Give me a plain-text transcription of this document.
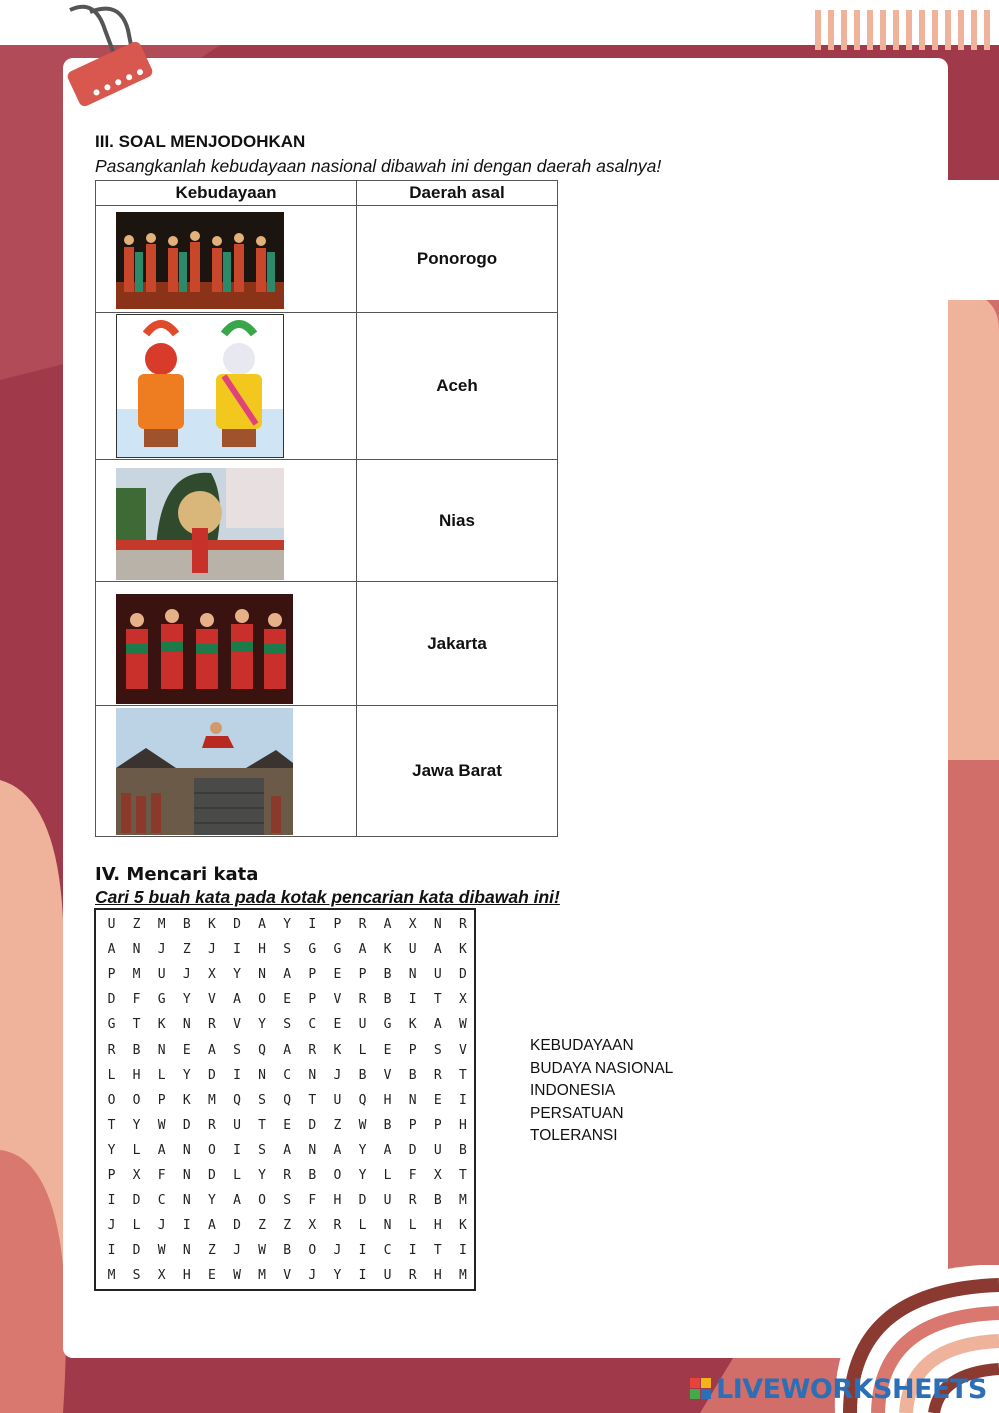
III. SOAL MENJODOHKAN
Pasangkanlah kebudayaan nasional dibawah ini dengan daerah asalnya!
Kebudayaan	Daerah asal

	Ponorogo

	Aceh

	Nias

	Jakarta

	Jawa Barat
IV. Mencari kata
Cari 5 buah kata pada kotak pencarian kata dibawah ini!
U	Z	M	B	K	D	A	Y	I	P	R	A	X	N	R
A	N	J	Z	J	I	H	S	G	G	A	K	U	A	K
P	M	U	J	X	Y	N	A	P	E	P	B	N	U	D
D	F	G	Y	V	A	O	E	P	V	R	B	I	T	X
G	T	K	N	R	V	Y	S	C	E	U	G	K	A	W
R	B	N	E	A	S	Q	A	R	K	L	E	P	S	V
L	H	L	Y	D	I	N	C	N	J	B	V	B	R	T
O	O	P	K	M	Q	S	Q	T	U	Q	H	N	E	I
T	Y	W	D	R	U	T	E	D	Z	W	B	P	P	H
Y	L	A	N	O	I	S	A	N	A	Y	A	D	U	B
P	X	F	N	D	L	Y	R	B	O	Y	L	F	X	T
I	D	C	N	Y	A	O	S	F	H	D	U	R	B	M
J	L	J	I	A	D	Z	Z	X	R	L	N	L	H	K
I	D	W	N	Z	J	W	B	O	J	I	C	I	T	I
M	S	X	H	E	W	M	V	J	Y	I	U	R	H	M
KEBUDAYAAN
BUDAYA NASIONAL
INDONESIA
PERSATUAN
TOLERANSI
LIVEWORKSHEETS
